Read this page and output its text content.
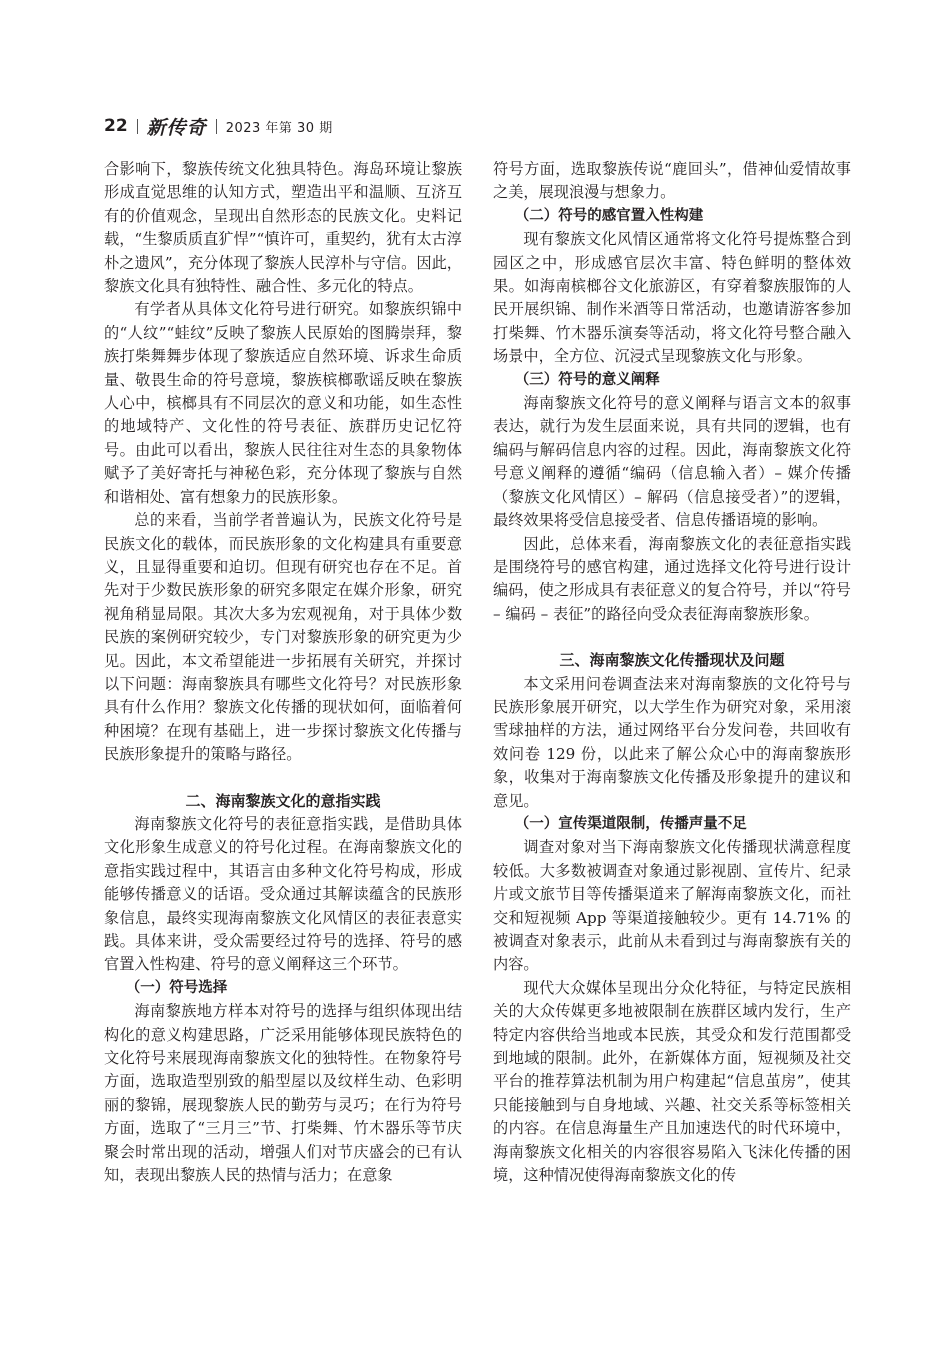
22 新传奇 2023 年第 30 期

合影响下，黎族传统文化独具特色。海岛环境让黎族形成直觉思维的认知方式，塑造出平和温顺、互济互有的价值观念，呈现出自然形态的民族文化。史料记载，“生黎质质直犷悍”“慎许可，重契约，犹有太古淳朴之遗风”，充分体现了黎族人民淳朴与守信。因此，黎族文化具有独特性、融合性、多元化的特点。

有学者从具体文化符号进行研究。如黎族织锦中的“人纹”“蛙纹”反映了黎族人民原始的图腾崇拜，黎族打柴舞舞步体现了黎族适应自然环境、诉求生命质量、敬畏生命的符号意境，黎族槟榔歌谣反映在黎族人心中，槟榔具有不同层次的意义和功能，如生态性的地域特产、文化性的符号表征、族群历史记忆符号。由此可以看出，黎族人民往往对生态的具象物体赋予了美好寄托与神秘色彩，充分体现了黎族与自然和谐相处、富有想象力的民族形象。

总的来看，当前学者普遍认为，民族文化符号是民族文化的载体，而民族形象的文化构建具有重要意义，且显得重要和迫切。但现有研究也存在不足。首先对于少数民族形象的研究多限定在媒介形象，研究视角稍显局限。其次大多为宏观视角，对于具体少数民族的案例研究较少，专门对黎族形象的研究更为少见。因此，本文希望能进一步拓展有关研究，并探讨以下问题：海南黎族具有哪些文化符号？对民族形象具有什么作用？黎族文化传播的现状如何，面临着何种困境？在现有基础上，进一步探讨黎族文化传播与民族形象提升的策略与路径。

二、海南黎族文化的意指实践

海南黎族文化符号的表征意指实践，是借助具体文化形象生成意义的符号化过程。在海南黎族文化的意指实践过程中，其语言由多种文化符号构成，形成能够传播意义的话语。受众通过其解读蕴含的民族形象信息，最终实现海南黎族文化风情区的表征表意实践。具体来讲，受众需要经过符号的选择、符号的感官置入性构建、符号的意义阐释这三个环节。

（一）符号选择

海南黎族地方样本对符号的选择与组织体现出结构化的意义构建思路，广泛采用能够体现民族特色的文化符号来展现海南黎族文化的独特性。在物象符号方面，选取造型别致的船型屋以及纹样生动、色彩明丽的黎锦，展现黎族人民的勤劳与灵巧；在行为符号方面，选取了“三月三”节、打柴舞、竹木器乐等节庆聚会时常出现的活动，增强人们对节庆盛会的已有认知，表现出黎族人民的热情与活力；在意象

符号方面，选取黎族传说“鹿回头”，借神仙爱情故事之美，展现浪漫与想象力。

（二）符号的感官置入性构建

现有黎族文化风情区通常将文化符号提炼整合到园区之中，形成感官层次丰富、特色鲜明的整体效果。如海南槟榔谷文化旅游区，有穿着黎族服饰的人民开展织锦、制作米酒等日常活动，也邀请游客参加打柴舞、竹木器乐演奏等活动，将文化符号整合融入场景中，全方位、沉浸式呈现黎族文化与形象。

（三）符号的意义阐释

海南黎族文化符号的意义阐释与语言文本的叙事表达，就行为发生层面来说，具有共同的逻辑，也有编码与解码信息内容的过程。因此，海南黎族文化符号意义阐释的遵循“编码（信息输入者）– 媒介传播（黎族文化风情区）– 解码（信息接受者）”的逻辑，最终效果将受信息接受者、信息传播语境的影响。

因此，总体来看，海南黎族文化的表征意指实践是围绕符号的感官构建，通过选择文化符号进行设计编码，使之形成具有表征意义的复合符号，并以“符号 – 编码 – 表征”的路径向受众表征海南黎族形象。

三、海南黎族文化传播现状及问题

本文采用问卷调查法来对海南黎族的文化符号与民族形象展开研究，以大学生作为研究对象，采用滚雪球抽样的方法，通过网络平台分发问卷，共回收有效问卷 129 份，以此来了解公众心中的海南黎族形象，收集对于海南黎族文化传播及形象提升的建议和意见。

（一）宣传渠道限制，传播声量不足

调查对象对当下海南黎族文化传播现状满意程度较低。大多数被调查对象通过影视剧、宣传片、纪录片或文旅节目等传播渠道来了解海南黎族文化，而社交和短视频 App 等渠道接触较少。更有 14.71% 的被调查对象表示，此前从未看到过与海南黎族有关的内容。

现代大众媒体呈现出分众化特征，与特定民族相关的大众传媒更多地被限制在族群区域内发行，生产特定内容供给当地或本民族，其受众和发行范围都受到地域的限制。此外，在新媒体方面，短视频及社交平台的推荐算法机制为用户构建起“信息茧房”，使其只能接触到与自身地域、兴趣、社交关系等标签相关的内容。在信息海量生产且加速迭代的时代环境中，海南黎族文化相关的内容很容易陷入飞沫化传播的困境，这种情况使得海南黎族文化的传
